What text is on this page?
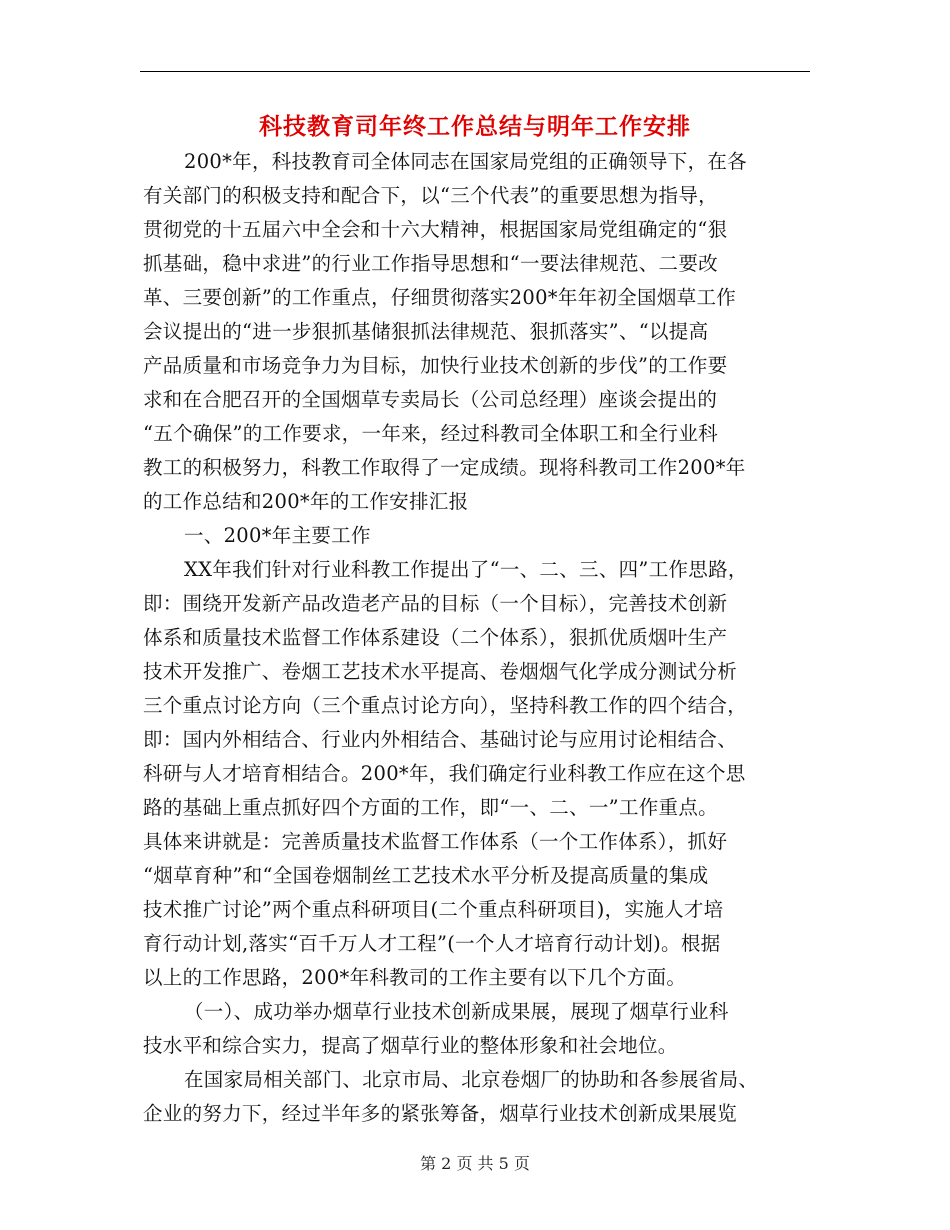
科技教育司年终工作总结与明年工作安排
200*年，科技教育司全体同志在国家局党组的正确领导下，在各
有关部门的积极支持和配合下，以“三个代表”的重要思想为指导，
贯彻党的十五届六中全会和十六大精神，根据国家局党组确定的“狠
抓基础，稳中求进”的行业工作指导思想和“一要法律规范、二要改
革、三要创新”的工作重点，仔细贯彻落实200*年年初全国烟草工作
会议提出的“进一步狠抓基储狠抓法律规范、狠抓落实”、“以提高
产品质量和市场竞争力为目标，加快行业技术创新的步伐”的工作要
求和在合肥召开的全国烟草专卖局长（公司总经理）座谈会提出的
“五个确保”的工作要求，一年来，经过科教司全体职工和全行业科
教工的积极努力，科教工作取得了一定成绩。现将科教司工作200*年
的工作总结和200*年的工作安排汇报
一、200*年主要工作
XX年我们针对行业科教工作提出了“一、二、三、四”工作思路，
即：围绕开发新产品改造老产品的目标（一个目标），完善技术创新
体系和质量技术监督工作体系建设（二个体系），狠抓优质烟叶生产
技术开发推广、卷烟工艺技术水平提高、卷烟烟气化学成分测试分析
三个重点讨论方向（三个重点讨论方向），坚持科教工作的四个结合，
即：国内外相结合、行业内外相结合、基础讨论与应用讨论相结合、
科研与人才培育相结合。200*年，我们确定行业科教工作应在这个思
路的基础上重点抓好四个方面的工作，即“一、二、一”工作重点。
具体来讲就是：完善质量技术监督工作体系（一个工作体系），抓好
“烟草育种”和“全国卷烟制丝工艺技术水平分析及提高质量的集成
技术推广讨论”两个重点科研项目(二个重点科研项目)，实施人才培
育行动计划,落实“百千万人才工程”(一个人才培育行动计划)。根据
以上的工作思路，200*年科教司的工作主要有以下几个方面。
（一）、成功举办烟草行业技术创新成果展，展现了烟草行业科
技水平和综合实力，提高了烟草行业的整体形象和社会地位。
在国家局相关部门、北京市局、北京卷烟厂的协助和各参展省局、
企业的努力下，经过半年多的紧张筹备，烟草行业技术创新成果展览
第 2 页 共 5 页
